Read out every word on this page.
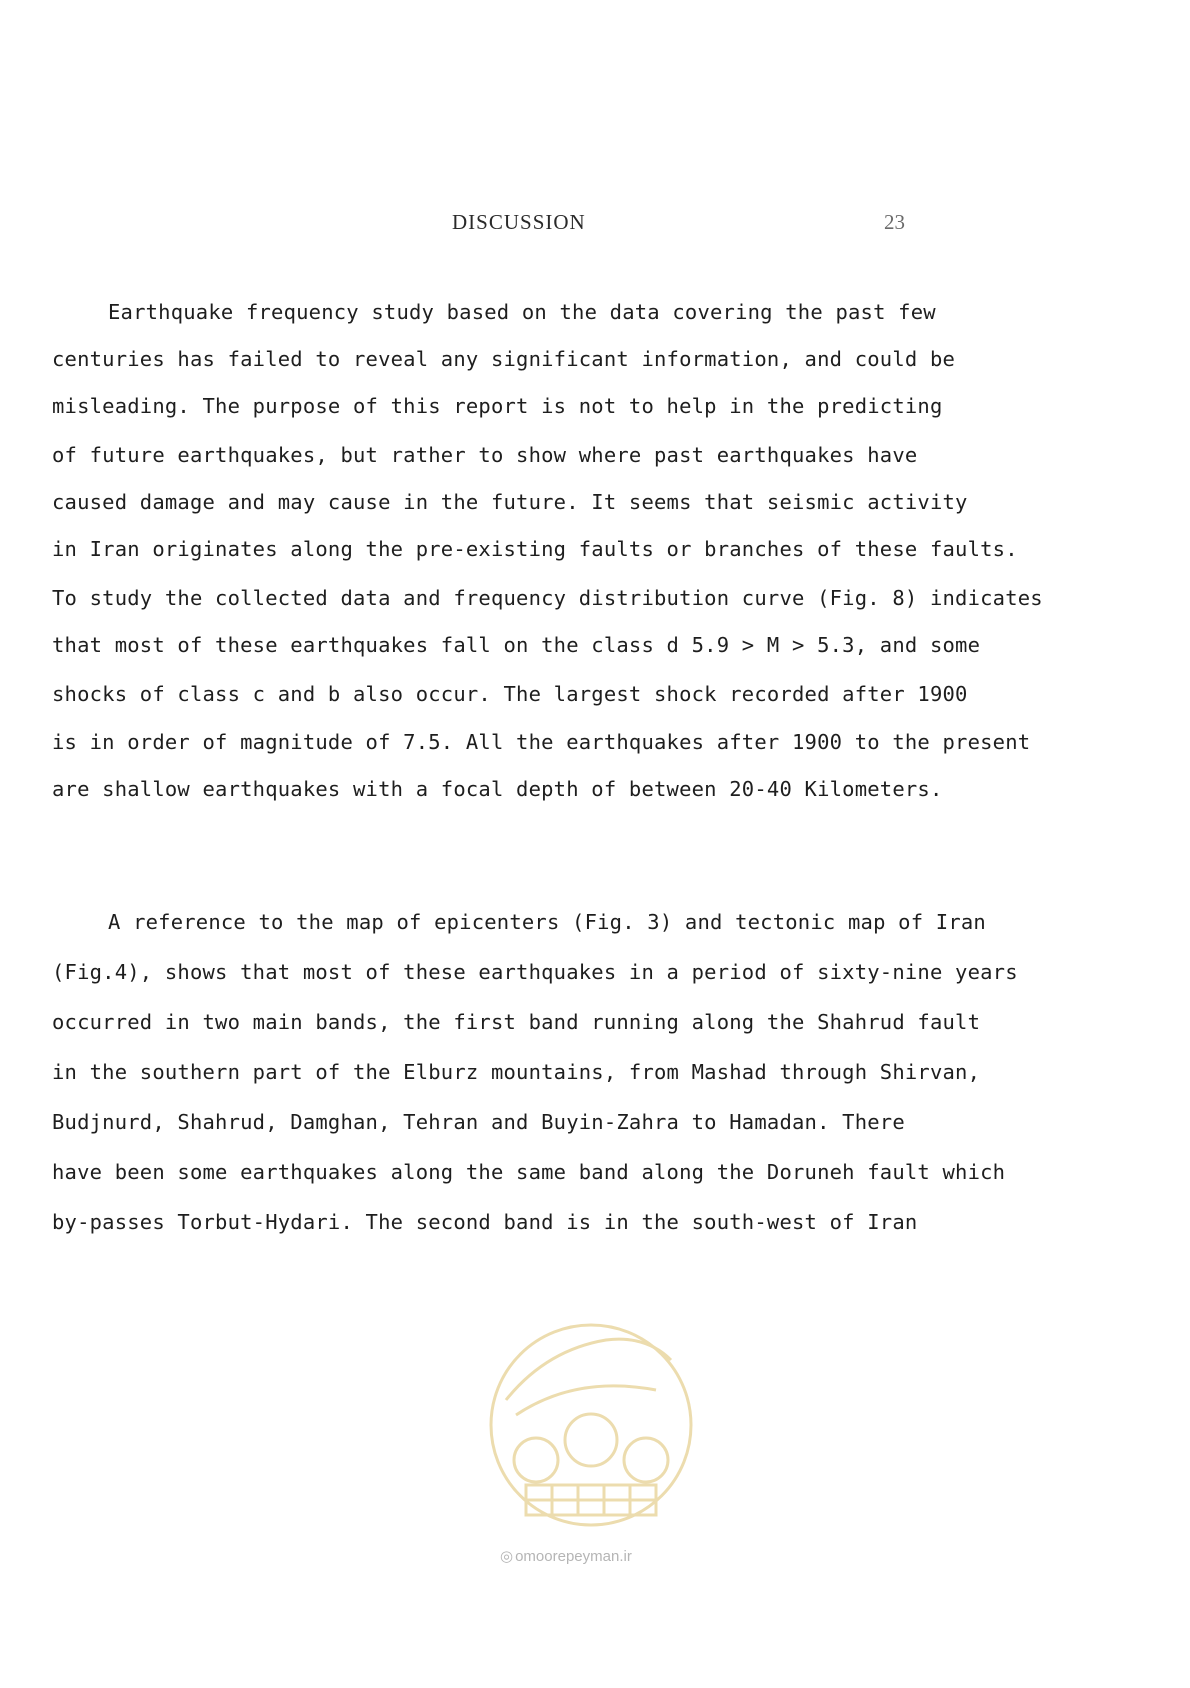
DISCUSSION	23
Earthquake frequency study based on the data covering the past few
centuries has failed to reveal any significant information, and could be
misleading. The purpose of this report is not to help in the predicting
of future earthquakes, but rather to show where past earthquakes have
caused damage and may cause in the future. It seems that seismic activity
in Iran originates along the pre-existing faults or branches of these faults.
To study the collected data and frequency distribution curve (Fig. 8) indicates
that most of these earthquakes fall on the class d 5.9 > M > 5.3, and some
shocks of class c and b also occur. The largest shock recorded after 1900
is in order of magnitude of 7.5. All the earthquakes after 1900 to the present
are shallow earthquakes with a focal depth of between 20-40 Kilometers.
A reference to the map of epicenters (Fig. 3) and tectonic map of Iran
(Fig.4), shows that most of these earthquakes in a period of sixty-nine years
occurred in two main bands, the first band running along the Shahrud fault
in the southern part of the Elburz mountains, from Mashad through Shirvan,
Budjnurd, Shahrud, Damghan, Tehran and Buyin-Zahra to Hamadan. There
have been some earthquakes along the same band along the Doruneh fault which
by-passes Torbut-Hydari. The second band is in the south-west of Iran
◎ omoorepeyman.ir
